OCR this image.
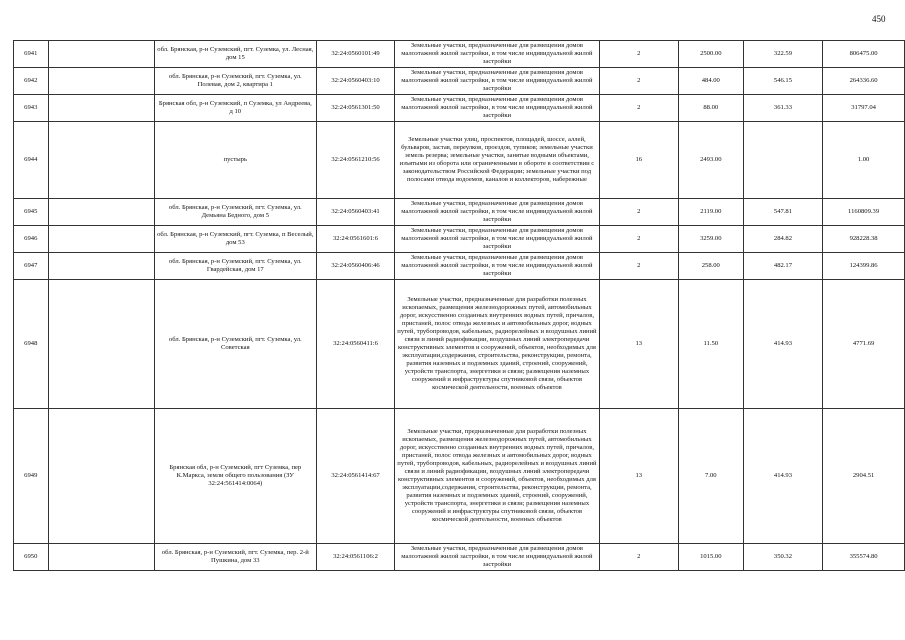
450
6941		обл. Брянская, р-н Суземский, пгт. Суземка, ул. Лесная, дом 15	32:24:0560101:49	Земельные участки, предназначенные для размещения домов малоэтажной жилой застройки, в том числе индивидуальной жилой застройки	2	2500.00	322.59	806475.00
6942		обл. Брянская, р-н Суземский, пгт. Суземка, ул. Полевая, дом 2, квартира 1	32:24:0560403:10	Земельные участки, предназначенные для размещения домов малоэтажной жилой застройки, в том числе индивидуальной жилой застройки	2	484.00	546.15	264336.60
6943		Брянская обл, р-н Суземский, п Суземка, ул Андреева, д 10	32:24:0561301:50	Земельные участки, предназначенные для размещения домов малоэтажной жилой застройки, в том числе индивидуальной жилой застройки	2	88.00	361.33	31797.04
6944		пустырь	32:24:0561210:56	Земельные участки улиц, проспектов, площадей, шоссе, аллей, бульваров, застав, переулков, проездов, тупиков; земельные участки земель резерва; земельные участки, занятые водными объектами, изъятыми из оборота или ограниченными в обороте в соответствии с законодательством Российской Федерации; земельные участки под полосами отвода водоемов, каналов и коллекторов, набережные	16	2493.00		1.00
6945		обл. Брянская, р-н Суземский, пгт. Суземка, ул. Демьяна Бедного, дом 5	32:24:0560403:41	Земельные участки, предназначенные для размещения домов малоэтажной жилой застройки, в том числе индивидуальной жилой застройки	2	2119.00	547.81	1160809.39
6946		обл. Брянская, р-н Суземский, пгт. Суземка, п Веселый, дом 53	32:24:0561601:6	Земельные участки, предназначенные для размещения домов малоэтажной жилой застройки, в том числе индивидуальной жилой застройки	2	3259.00	284.82	928228.38
6947		обл. Брянская, р-н Суземский, пгт. Суземка, ул. Гвардейская, дом 17	32:24:0560406:46	Земельные участки, предназначенные для размещения домов малоэтажной жилой застройки, в том числе индивидуальной жилой застройки	2	258.00	482.17	124399.86
6948		обл. Брянская, р-н Суземский, пгт. Суземка, ул. Советская	32:24:0560411:6	Земельные участки, предназначенные для разработки полезных ископаемых, размещения железнодорожных путей, автомобильных дорог, искусственно созданных внутренних водных путей, причалов, пристаней, полос отвода железных и автомобильных дорог, водных путей, трубопроводов, кабельных, радиорелейных и воздушных линий связи и линий радиофикации, воздушных линий электропередачи конструктивных элементов и сооружений, объектов, необходимых для эксплуатации,содержания, строительства, реконструкции, ремонта, развития наземных и подземных зданий, строений, сооружений, устройств транспорта, энергетики и связи; размещения наземных сооружений и инфраструктуры спутниковой связи, объектов космической деятельности, военных объектов	13	11.50	414.93	4771.69
6949		Брянская обл, р-н Суземский, пгт Суземка, пер К.Маркса, земли общего пользования (ЗУ 32:24:561414:0064)	32:24:0561414:67	Земельные участки, предназначенные для разработки полезных ископаемых, размещения железнодорожных путей, автомобильных дорог, искусственно созданных внутренних водных путей, причалов, пристаней, полос отвода железных и автомобильных дорог, водных путей, трубопроводов, кабельных, радиорелейных и воздушных линий связи и линий радиофикации, воздушных линий электропередачи конструктивных элементов и сооружений, объектов, необходимых для эксплуатации,содержания, строительства, реконструкции, ремонта, развития наземных и подземных зданий, строений, сооружений, устройств транспорта, энергетики и связи; размещения наземных сооружений и инфраструктуры спутниковой связи, объектов космической деятельности, военных объектов	13	7.00	414.93	2904.51
6950		обл. Брянская, р-н Суземский, пгт. Суземка, пер. 2-й Пушкина, дом 33	32:24:0561106:2	Земельные участки, предназначенные для размещения домов малоэтажной жилой застройки, в том числе индивидуальной жилой застройки	2	1015.00	350.32	355574.80
